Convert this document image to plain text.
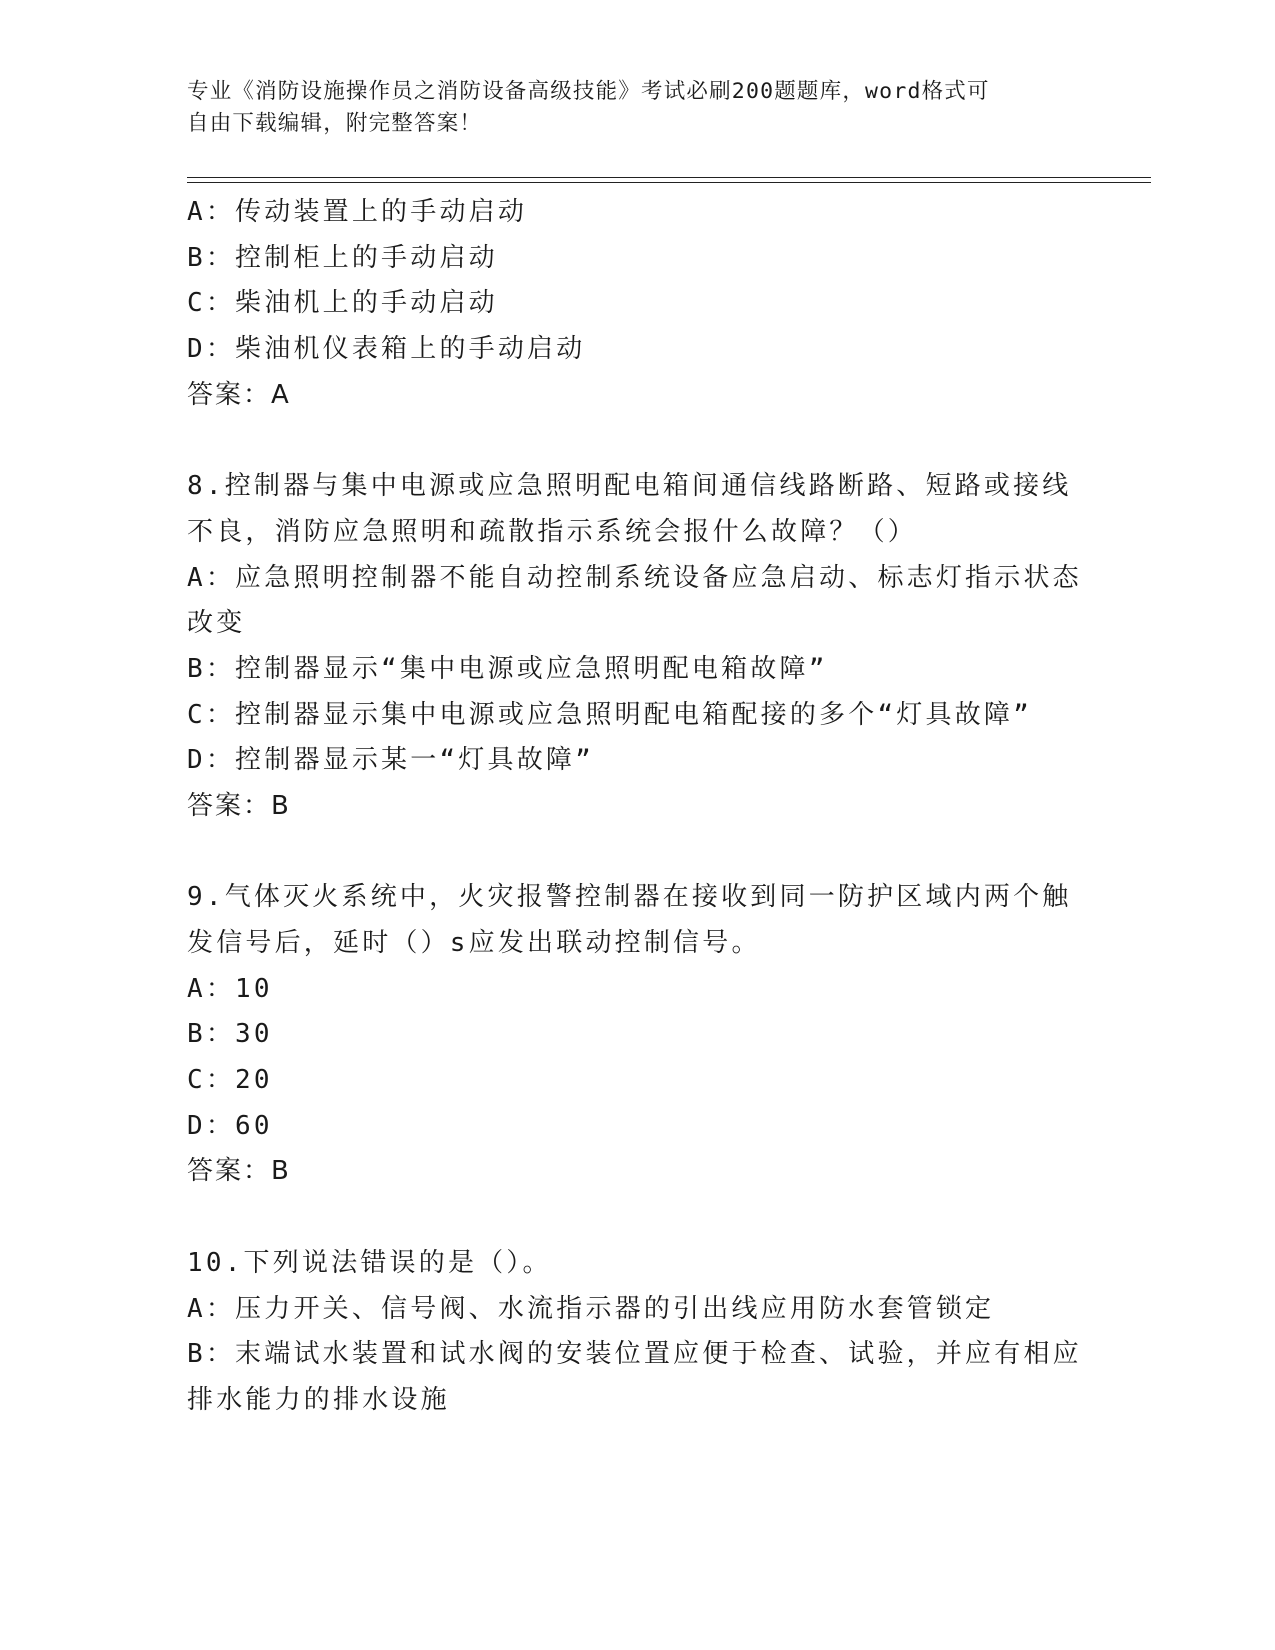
专业《消防设施操作员之消防设备高级技能》考试必刷200题题库，word格式可
自由下载编辑，附完整答案！
A：传动装置上的手动启动
B：控制柜上的手动启动
C：柴油机上的手动启动
D：柴油机仪表箱上的手动启动
答案：A
8.控制器与集中电源或应急照明配电箱间通信线路断路、短路或接线
不良，消防应急照明和疏散指示系统会报什么故障？（）
A：应急照明控制器不能自动控制系统设备应急启动、标志灯指示状态
改变
B：控制器显示“集中电源或应急照明配电箱故障”
C：控制器显示集中电源或应急照明配电箱配接的多个“灯具故障”
D：控制器显示某一“灯具故障”
答案：B
9.气体灭火系统中，火灾报警控制器在接收到同一防护区域内两个触
发信号后，延时（）s应发出联动控制信号。
A：10
B：30
C：20
D：60
答案：B
10.下列说法错误的是（）。
A：压力开关、信号阀、水流指示器的引出线应用防水套管锁定
B：末端试水装置和试水阀的安装位置应便于检查、试验，并应有相应
排水能力的排水设施
